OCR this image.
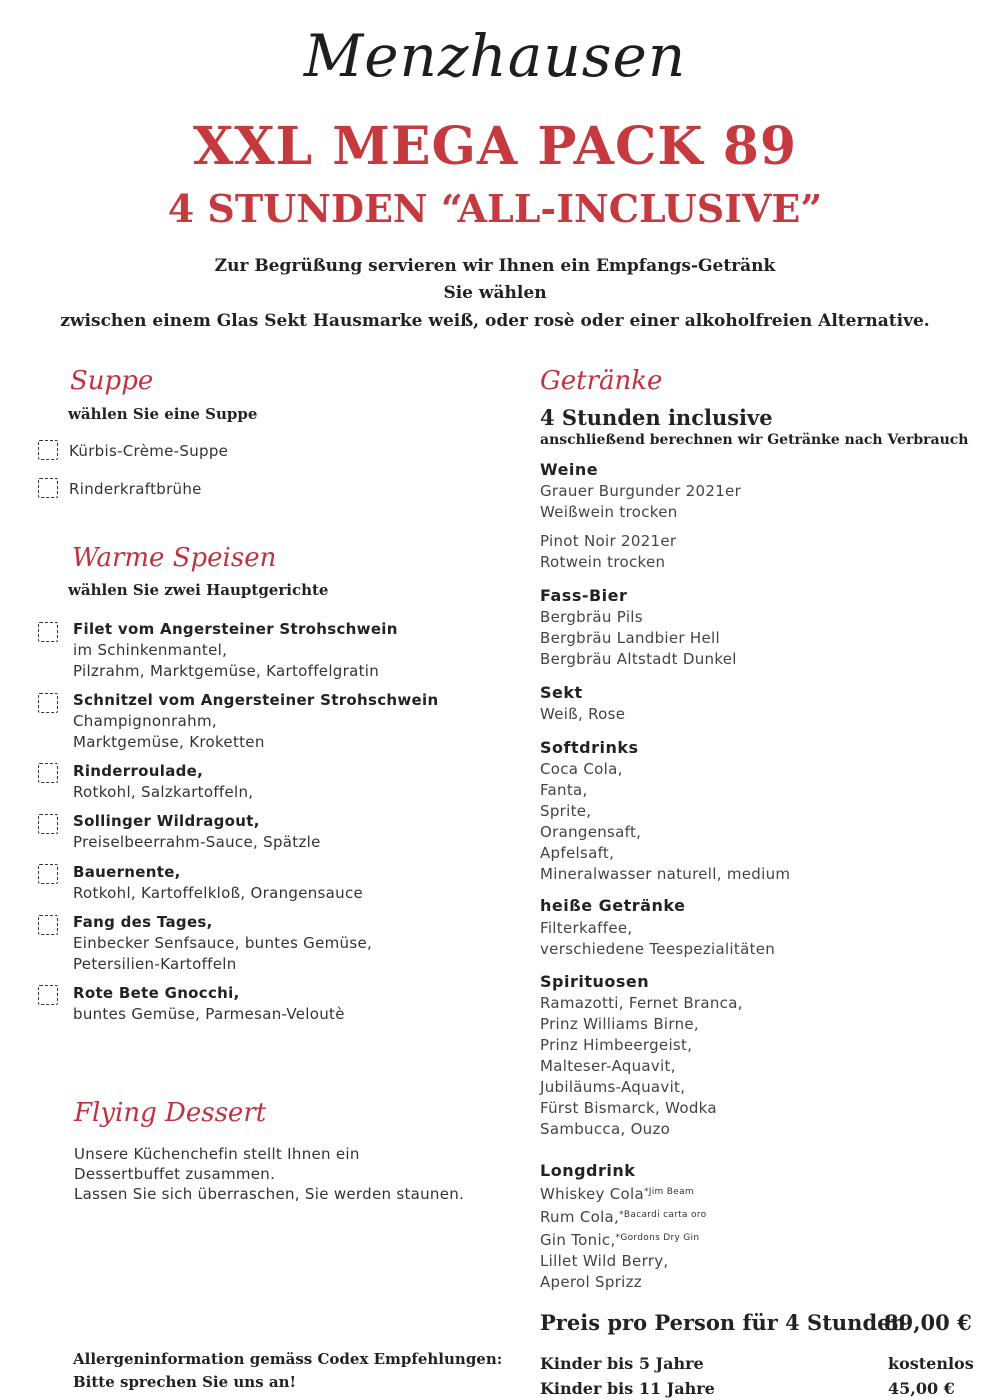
Menzhausen
XXL MEGA PACK 89
4 STUNDEN “ALL-INCLUSIVE”
Zur Begrüßung servieren wir Ihnen ein Empfangs-Getränk
Sie wählen
zwischen einem Glas Sekt Hausmarke weiß, oder rosè oder einer alkoholfreien Alternative.
Suppe
wählen Sie eine Suppe
Kürbis-Crème-Suppe
Rinderkraftbrühe
Warme Speisen
wählen Sie zwei Hauptgerichte
Filet vom Angersteiner Strohschwein
im Schinkenmantel,
Pilzrahm, Marktgemüse, Kartoffelgratin
Schnitzel vom Angersteiner Strohschwein
Champignonrahm,
Marktgemüse, Kroketten
Rinderroulade,
Rotkohl, Salzkartoffeln,
Sollinger Wildragout,
Preiselbeerrahm-Sauce, Spätzle
Bauernente,
Rotkohl, Kartoffelkloß, Orangensauce
Fang des Tages,
Einbecker Senfsauce, buntes Gemüse,
Petersilien-Kartoffeln
Rote Bete Gnocchi,
buntes Gemüse, Parmesan-Veloutè
Flying Dessert
Unsere Küchenchefin stellt Ihnen ein
Dessertbuffet zusammen.
Lassen Sie sich überraschen, Sie werden staunen.
Allergeninformation gemäss Codex Empfehlungen:
Bitte sprechen Sie uns an!
Getränke
4 Stunden inclusive
anschließend berechnen wir Getränke nach Verbrauch
Weine
Grauer Burgunder 2021er
Weißwein trocken
Pinot Noir 2021er
Rotwein trocken
Fass-Bier
Bergbräu Pils
Bergbräu Landbier Hell
Bergbräu Altstadt Dunkel
Sekt
Weiß, Rose
Softdrinks
Coca Cola,
Fanta,
Sprite,
Orangensaft,
Apfelsaft,
Mineralwasser naturell, medium
heiße Getränke
Filterkaffee,
verschiedene Teespezialitäten
Spirituosen
Ramazotti, Fernet Branca,
Prinz Williams Birne,
Prinz Himbeergeist,
Malteser-Aquavit,
Jubiläums-Aquavit,
Fürst Bismarck, Wodka
Sambucca, Ouzo
Longdrink
Whiskey Cola$^{*Jim Beam}$
Rum Cola,$^{*Bacardi carta oro}$
Gin Tonic,$^{*Gordons Dry Gin}$
Lillet Wild Berry,
Aperol Sprizz
Preis pro Person für 4 Stunden
89,00 €
Kinder bis 5 Jahre	kostenlos
Kinder bis 11 Jahre	45,00 €
